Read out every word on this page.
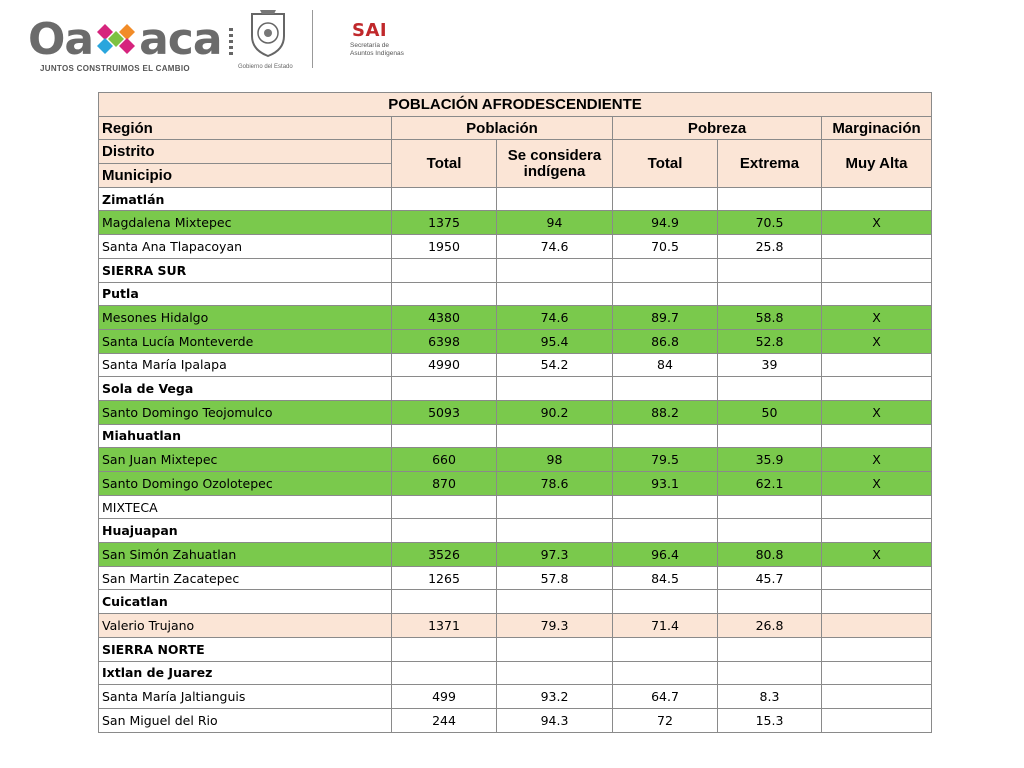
Oa aca
JUNTOS CONSTRUIMOS EL CAMBIO	Gobierno del Estado
SAI
Secretaría de
Asuntos Indígenas
POBLACIÓN AFRODESCENDIENTE					
Región	Población		Pobreza		Marginación
Distrito	Total	Se considera indígena	Total	Extrema	Muy Alta
Municipio					
Zimatlán					
Magdalena Mixtepec	1375	94	94.9	70.5	X
Santa Ana Tlapacoyan	1950	74.6	70.5	25.8	
SIERRA SUR					
Putla					
Mesones Hidalgo	4380	74.6	89.7	58.8	X
Santa Lucía Monteverde	6398	95.4	86.8	52.8	X
Santa María Ipalapa	4990	54.2	84	39	
Sola de Vega					
Santo Domingo Teojomulco	5093	90.2	88.2	50	X
Miahuatlan					
San Juan Mixtepec	660	98	79.5	35.9	X
Santo Domingo Ozolotepec	870	78.6	93.1	62.1	X
MIXTECA					
Huajuapan					
San Simón Zahuatlan	3526	97.3	96.4	80.8	X
San Martin Zacatepec	1265	57.8	84.5	45.7	
Cuicatlan					
Valerio Trujano	1371	79.3	71.4	26.8	
SIERRA NORTE					
Ixtlan de Juarez					
Santa María Jaltianguis	499	93.2	64.7	8.3	
San Miguel del Rio	244	94.3	72	15.3	
